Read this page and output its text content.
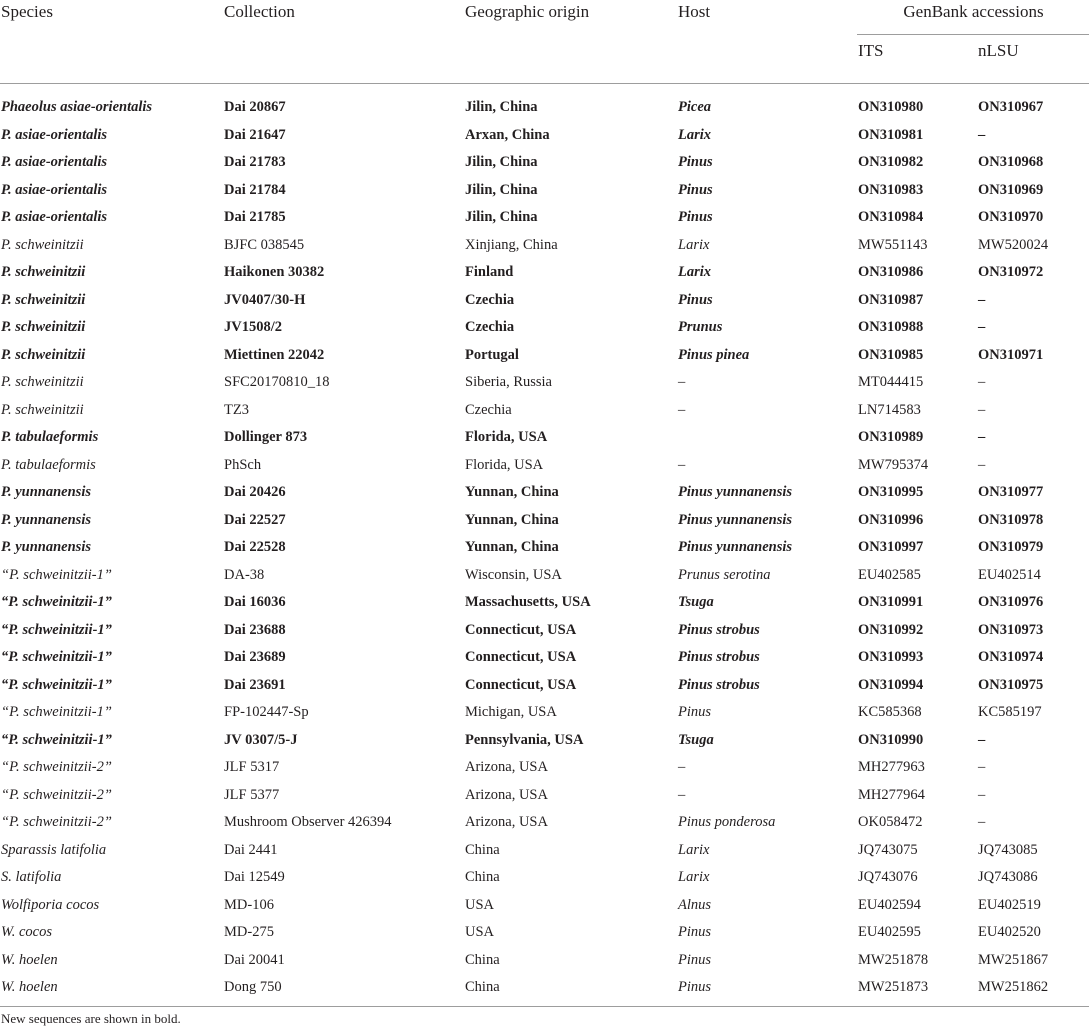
Species	Collection	Geographic origin	Host	GenBank accessions	
				ITS	nLSU
Phaeolus asiae-orientalis	Dai 20867	Jilin, China	Picea	ON310980	ON310967
P. asiae-orientalis	Dai 21647	Arxan, China	Larix	ON310981	–
P. asiae-orientalis	Dai 21783	Jilin, China	Pinus	ON310982	ON310968
P. asiae-orientalis	Dai 21784	Jilin, China	Pinus	ON310983	ON310969
P. asiae-orientalis	Dai 21785	Jilin, China	Pinus	ON310984	ON310970
P. schweinitzii	BJFC 038545	Xinjiang, China	Larix	MW551143	MW520024
P. schweinitzii	Haikonen 30382	Finland	Larix	ON310986	ON310972
P. schweinitzii	JV0407/30-H	Czechia	Pinus	ON310987	–
P. schweinitzii	JV1508/2	Czechia	Prunus	ON310988	–
P. schweinitzii	Miettinen 22042	Portugal	Pinus pinea	ON310985	ON310971
P. schweinitzii	SFC20170810_18	Siberia, Russia	–	MT044415	–
P. schweinitzii	TZ3	Czechia	–	LN714583	–
P. tabulaeformis	Dollinger 873	Florida, USA		ON310989	–
P. tabulaeformis	PhSch	Florida, USA	–	MW795374	–
P. yunnanensis	Dai 20426	Yunnan, China	Pinus yunnanensis	ON310995	ON310977
P. yunnanensis	Dai 22527	Yunnan, China	Pinus yunnanensis	ON310996	ON310978
P. yunnanensis	Dai 22528	Yunnan, China	Pinus yunnanensis	ON310997	ON310979
“P. schweinitzii-1”	DA-38	Wisconsin, USA	Prunus serotina	EU402585	EU402514
“P. schweinitzii-1”	Dai 16036	Massachusetts, USA	Tsuga	ON310991	ON310976
“P. schweinitzii-1”	Dai 23688	Connecticut, USA	Pinus strobus	ON310992	ON310973
“P. schweinitzii-1”	Dai 23689	Connecticut, USA	Pinus strobus	ON310993	ON310974
“P. schweinitzii-1”	Dai 23691	Connecticut, USA	Pinus strobus	ON310994	ON310975
“P. schweinitzii-1”	FP-102447-Sp	Michigan, USA	Pinus	KC585368	KC585197
“P. schweinitzii-1”	JV 0307/5-J	Pennsylvania, USA	Tsuga	ON310990	–
“P. schweinitzii-2”	JLF 5317	Arizona, USA	–	MH277963	–
“P. schweinitzii-2”	JLF 5377	Arizona, USA	–	MH277964	–
“P. schweinitzii-2”	Mushroom Observer 426394	Arizona, USA	Pinus ponderosa	OK058472	–
Sparassis latifolia	Dai 2441	China	Larix	JQ743075	JQ743085
S. latifolia	Dai 12549	China	Larix	JQ743076	JQ743086
Wolfiporia cocos	MD-106	USA	Alnus	EU402594	EU402519
W. cocos	MD-275	USA	Pinus	EU402595	EU402520
W. hoelen	Dai 20041	China	Pinus	MW251878	MW251867
W. hoelen	Dong 750	China	Pinus	MW251873	MW251862
New sequences are shown in bold.
